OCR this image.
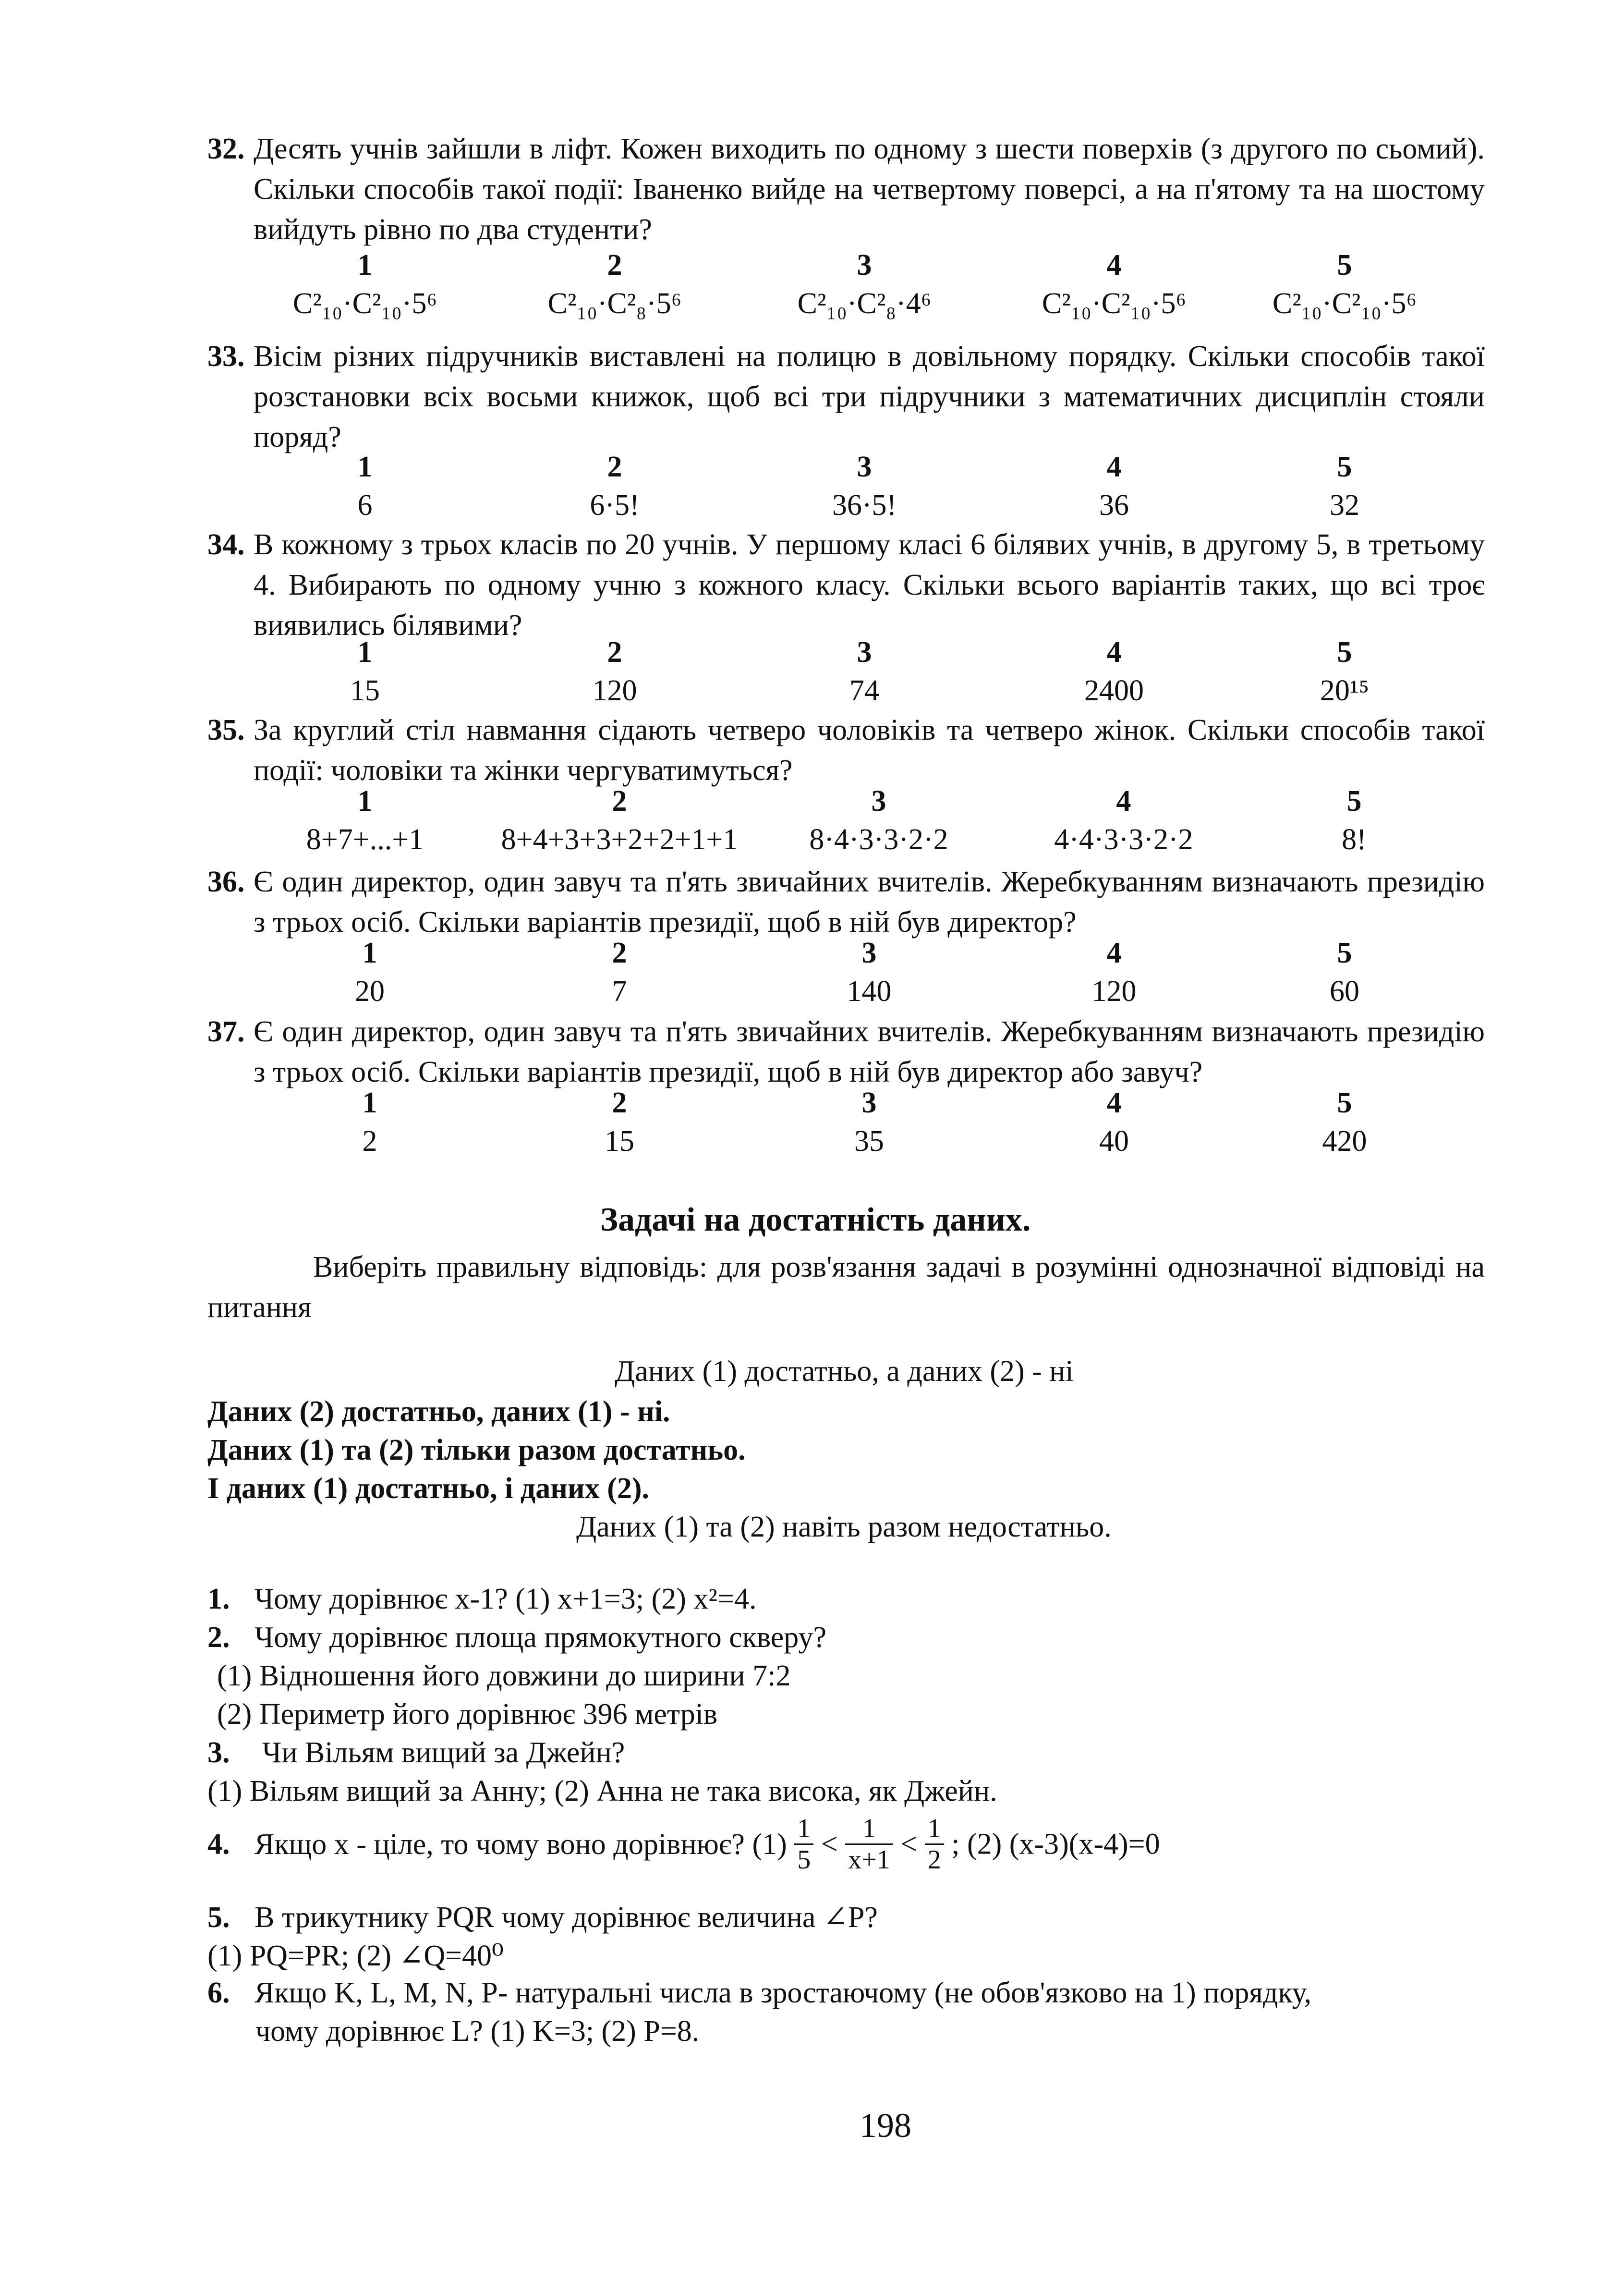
32. Десять учнів зайшли в ліфт. Кожен виходить по одному з шести поверхів (з другого по сьомий). Скільки способів такої події: Іваненко вийде на четвертому поверсі, а на п'ятому та на шостому вийдуть рівно по два студенти?
1
C²₁₀·C²₁₀·5⁶
2
C²₁₀·C²₈·5⁶
3
C²₁₀·C²₈·4⁶
4
C²₁₀·C²₁₀·5⁶
5
C²₁₀·C²₁₀·5⁶
33. Вісім різних підручників виставлені на полицю в довільному порядку. Скільки способів такої розстановки всіх восьми книжок, щоб всі три підручники з математичних дисциплін стояли поряд?
1
6
2
6·5!
3
36·5!
4
36
5
32
34. В кожному з трьох класів по 20 учнів. У першому класі 6 білявих учнів, в другому 5, в третьому 4. Вибирають по одному учню з кожного класу. Скільки всього варіантів таких, що всі троє виявились білявими?
1
15
2
120
3
74
4
2400
5
20¹⁵
35. За круглий стіл навмання сідають четверо чоловіків та четверо жінок. Скільки способів такої події: чоловіки та жінки чергуватимуться?
1
8+7+...+1
2
8+4+3+3+2+2+1+1
3
8·4·3·3·2·2
4
4·4·3·3·2·2
5
8!
36. Є один директор, один завуч та п'ять звичайних вчителів. Жеребкуванням визначають президію з трьох осіб. Скільки варіантів президії, щоб в ній був директор?
1
20
2
7
3
140
4
120
5
60
37. Є один директор, один завуч та п'ять звичайних вчителів. Жеребкуванням визначають президію з трьох осіб. Скільки варіантів президії, щоб в ній був директор або завуч?
1
2
2
15
3
35
4
40
5
420
Задачі на достатність даних.
Виберіть правильну відповідь: для розв'язання задачі в розумінні однозначної відповіді на питання
Даних (1) достатньо, а даних (2) - ні
Даних (2) достатньо, даних (1) - ні.
Даних (1) та (2) тільки разом достатньо.
І даних (1) достатньо, і даних (2).
Даних (1) та (2) навіть разом недостатньо.
1. Чому дорівнює x-1? (1) x+1=3; (2) x²=4.
2. Чому дорівнює площа прямокутного скверу?
(1) Відношення його довжини до ширини 7:2
(2) Периметр його дорівнює 396 метрів
3. Чи Вільям вищий за Джейн?
(1) Вільям вищий за Анну; (2) Анна не така висока, як Джейн.
4. Якщо x - ціле, то чому воно дорівнює? $(1) \frac{1}{5} < \frac{1}{x+1} < \frac{1}{2}$ ; (2) (x-3)(x-4)=0
5. В трикутнику PQR чому дорівнює величина ∠P?
(1) PQ=PR; (2) ∠Q=40⁰
6. Якщо K, L, M, N, P- натуральні числа в зростаючому (не обов'язково на 1) порядку,
чому дорівнює L? (1) K=3; (2) P=8.
198
